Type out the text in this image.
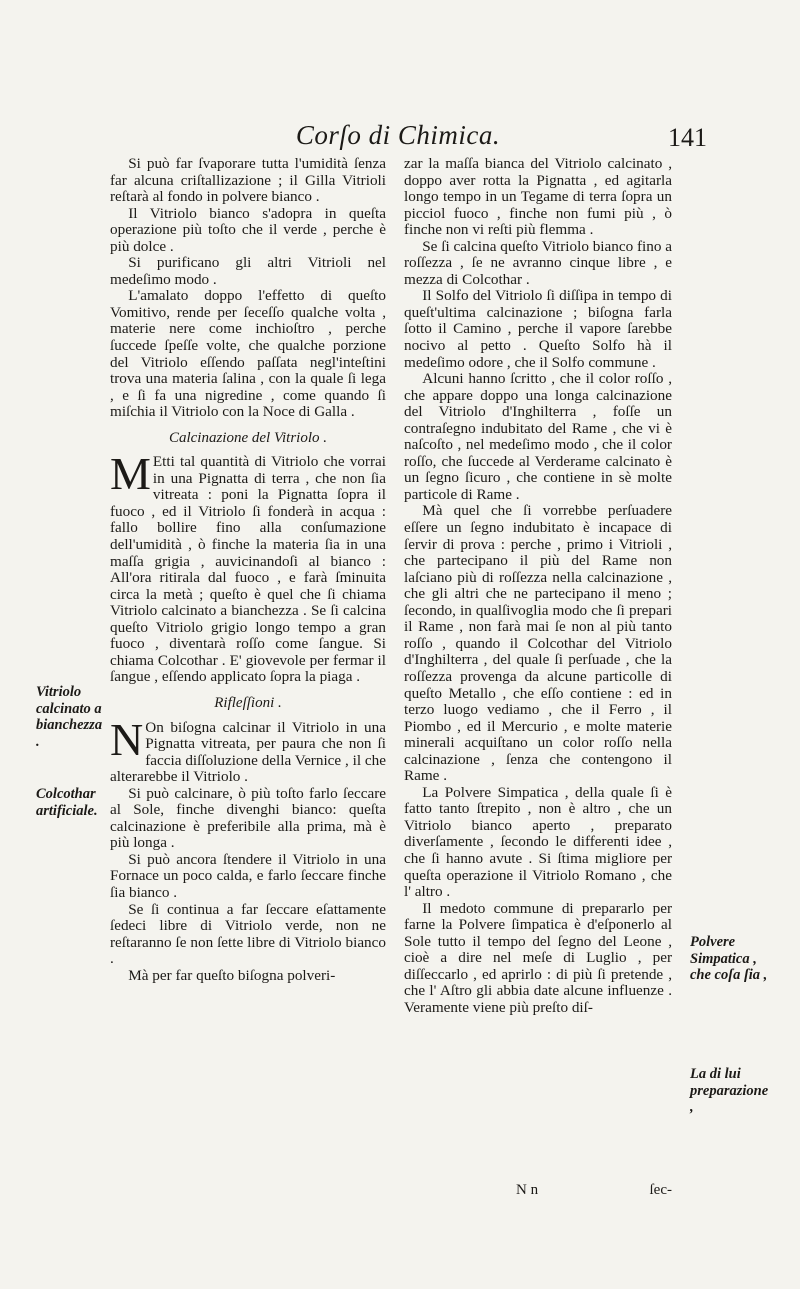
Corſo di Chimica.	141

Si può far ſvaporare tutta l'umidità ſenza far alcuna criſtallizazione ; il Gilla Vitrioli reſtarà al fondo in polvere bianco .

Il Vitriolo bianco s'adopra in queſta operazione più toſto che il verde , perche è più dolce .

Si purificano gli altri Vitrioli nel medeſimo modo .

L'amalato doppo l'effetto di queſto Vomitivo, rende per ſeceſſo qualche volta , materie nere come inchioſtro , perche ſuccede ſpeſſe volte, che qualche porzione del Vitriolo eſſendo paſſata negl'inteſtini trova una materia ſalina , con la quale ſi lega , e ſi fa una nigredine , come quando ſi miſchia il Vitriolo con la Noce di Galla .

Calcinazione del Vitriolo .

M Etti tal quantità di Vitriolo che vorrai in una Pignatta di terra , che non ſia vitreata : poni la Pignatta ſopra il fuoco , ed il Vitriolo ſi fonderà in acqua : fallo bollire fino alla conſumazione dell'umidità , ò finche la materia ſia in una maſſa grigia , auvicinandoſi al bianco : All'ora ritirala dal fuoco , e farà ſminuita circa la metà ; queſto è quel che ſi chiama Vitriolo calcinato a bianchezza . Se ſi calcina queſto Vitriolo grigio longo tempo a gran fuoco , diventarà roſſo come ſangue. Si chiama Colcothar . E' giovevole per fermar il ſangue , eſſendo applicato ſopra la piaga .

Rifleſſioni .

N On biſogna calcinar il Vitriolo in una Pignatta vitreata, per paura che non ſi faccia diſſoluzione della Vernice , il che alterarebbe il Vitriolo .

Si può calcinare, ò più toſto farlo ſeccare al Sole, finche divenghi bianco: queſta calcinazione è preferibile alla prima, mà è più longa .

Si può ancora ſtendere il Vitriolo in una Fornace un poco calda, e farlo ſeccare finche ſia bianco .

Se ſi continua a far ſeccare eſattamente ſedeci libre di Vitriolo verde, non ne reſtaranno ſe non ſette libre di Vitriolo bianco .

Mà per far queſto biſogna polveri-

zar la maſſa bianca del Vitriolo calcinato , doppo aver rotta la Pignatta , ed agitarla longo tempo in un Tegame di terra ſopra un picciol fuoco , finche non fumi più , ò finche non vi reſti più flemma .

Se ſi calcina queſto Vitriolo bianco fino a roſſezza , ſe ne avranno cinque libre , e mezza di Colcothar .

Il Solfo del Vitriolo ſi diſſipa in tempo di queſt'ultima calcinazione ; biſogna farla ſotto il Camino , perche il vapore ſarebbe nocivo al petto . Queſto Solfo hà il medeſimo odore , che il Solfo commune .

Alcuni hanno ſcritto , che il color roſſo , che appare doppo una longa calcinazione del Vitriolo d'Inghilterra , foſſe un contraſegno indubitato del Rame , che vi è naſcoſto , nel medeſimo modo , che il color roſſo, che ſuccede al Verderame calcinato è un ſegno ſicuro , che contiene in sè molte particole di Rame .

Mà quel che ſi vorrebbe perſuadere eſſere un ſegno indubitato è incapace di ſervir di prova : perche , primo i Vitrioli , che partecipano il più del Rame non laſciano più di roſſezza nella calcinazione , che gli altri che ne partecipano il meno ; ſecondo, in qualſivoglia modo che ſi prepari il Rame , non farà mai ſe non al più tanto roſſo , quando il Colcothar del Vitriolo d'Inghilterra , del quale ſi perſuade , che la roſſezza provenga da alcune particolle di queſto Metallo , che eſſo contiene : ed in terzo luogo vediamo , che il Ferro , il Piombo , ed il Mercurio , e molte materie minerali acquiſtano un color roſſo nella calcinazione , ſenza che contengono il Rame .

La Polvere Simpatica , della quale ſi è fatto tanto ſtrepito , non è altro , che un Vitriolo bianco aperto , preparato diverſamente , ſecondo le differenti idee , che ſi hanno avute . Si ſtima migliore per queſta operazione il Vitriolo Romano , che l' altro .

Il medoto commune di prepararlo per farne la Polvere ſimpatica è d'eſponerlo al Sole tutto il tempo del ſegno del Leone , cioè a dire nel meſe di Luglio , per diſſeccarlo , ed aprirlo : di più ſi pretende , che l' Aſtro gli abbia date alcune influenze . Veramente viene più preſto diſ-

Vitriolo calcinato a bianchezza .
Colcothar artificiale.
Polvere Simpatica , che coſa ſia ,
La di lui preparazione ,
N n	ſec-
